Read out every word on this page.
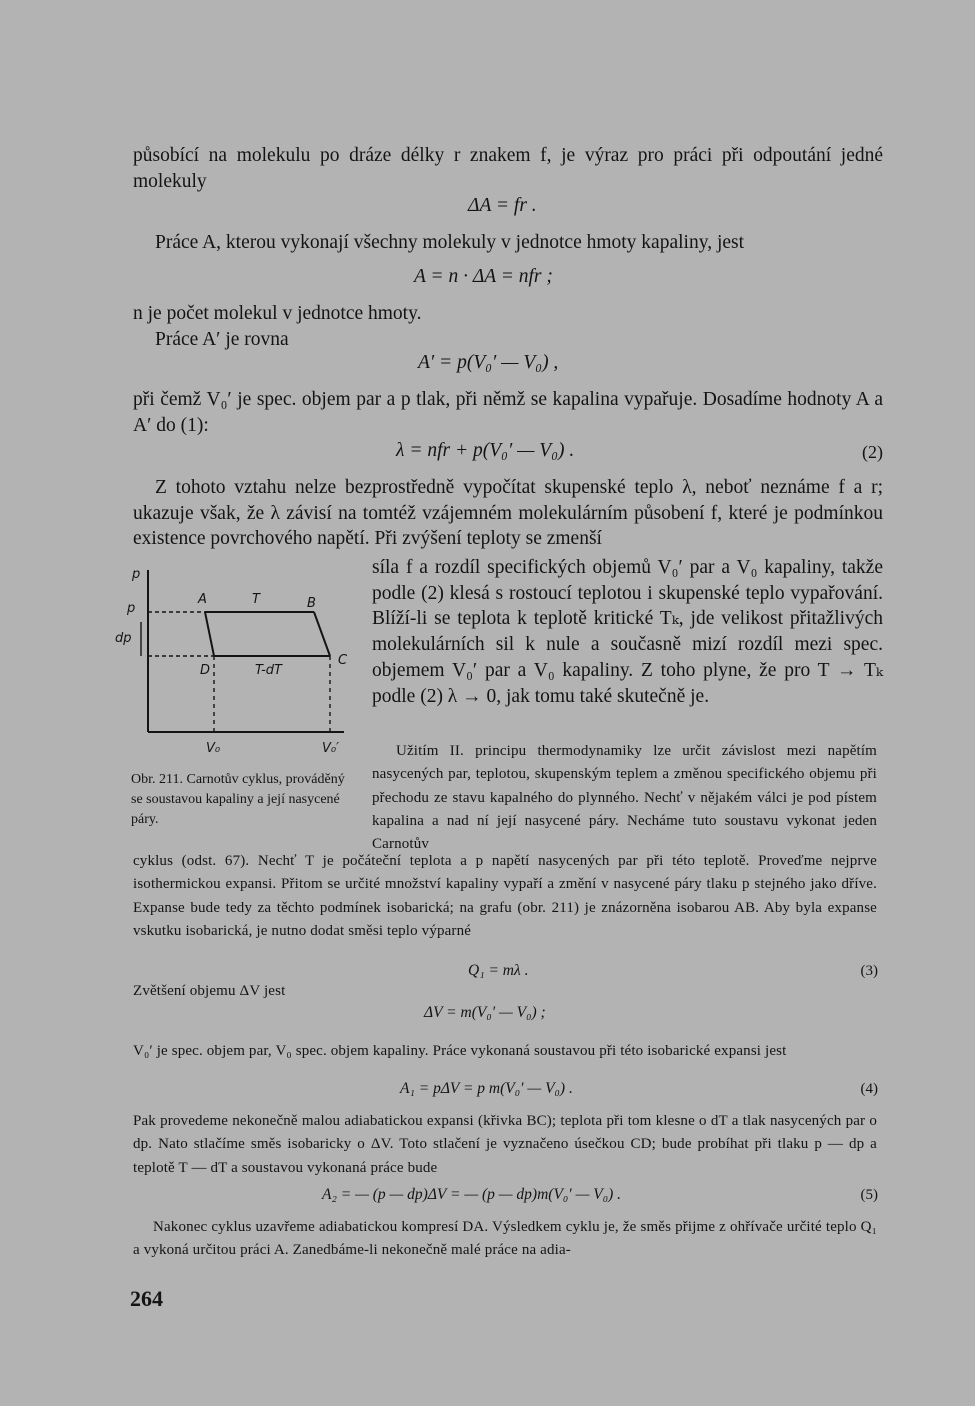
působící na molekulu po dráze délky r znakem f, je výraz pro práci při odpoutání jedné molekuly

ΔA = fr .

Práce A, kterou vykonají všechny molekuly v jednotce hmoty kapaliny, jest

A = n · ΔA = nfr ;

n je počet molekul v jednotce hmoty.

Práce A′ je rovna

A′ = p(V₀′ — V₀) ,

při čemž V₀′ je spec. objem par a p tlak, při němž se kapalina vypařuje. Dosadíme hodnoty A a A′ do (1):

λ = nfr + p(V₀′ — V₀) .	(2)

Z tohoto vztahu nelze bezprostředně vypočítat skupenské teplo λ, neboť neznáme f a r; ukazuje však, že λ závisí na tomtéž vzájemném molekulárním působení f, které je podmínkou existence povrchového napětí. Při zvýšení teploty se zmenší

síla f a rozdíl specifických objemů V₀′ par a V₀ kapaliny, takže podle (2) klesá s rostoucí teplotou i skupenské teplo vypařování. Blíží-li se teplota k teplotě kritické Tₖ, jde velikost přitažlivých molekulárních sil k nule a současně mizí rozdíl mezi spec. objemem V₀′ par a V₀ kapaliny. Z toho plyne, že pro T → Tₖ podle (2) λ → 0, jak tomu také skutečně je.

p
p
dp
A	T	B
C
D	T-dT
V₀	V₀′

Obr. 211. Carnotův cyklus, prováděný se soustavou kapaliny a její nasycené páry.

Užitím II. principu thermodynamiky lze určit závislost mezi napětím nasycených par, teplotou, skupenským teplem a změnou specifického objemu při přechodu ze stavu kapalného do plynného. Nechť v nějakém válci je pod pístem kapalina a nad ní její nasycené páry. Necháme tuto soustavu vykonat jeden Carnotův

cyklus (odst. 67). Nechť T je počáteční teplota a p napětí nasycených par při této teplotě. Proveďme nejprve isothermickou expansi. Přitom se určité množství kapaliny vypaří a změní v nasycené páry tlaku p stejného jako dříve. Expanse bude tedy za těchto podmínek isobarická; na grafu (obr. 211) je znázorněna isobarou AB. Aby byla expanse vskutku isobarická, je nutno dodat směsi teplo výparné

Q₁ = mλ .	(3)

Zvětšení objemu ΔV jest

ΔV = m(V₀′ — V₀) ;

V₀′ je spec. objem par, V₀ spec. objem kapaliny. Práce vykonaná soustavou při této isobarické expansi jest

A₁ = pΔV = p m(V₀′ — V₀) .	(4)

Pak provedeme nekonečně malou adiabatickou expansi (křivka BC); teplota při tom klesne o dT a tlak nasycených par o dp. Nato stlačíme směs isobaricky o ΔV. Toto stlačení je vyznačeno úsečkou CD; bude probíhat při tlaku p — dp a teplotě T — dT a soustavou vykonaná práce bude

A₂ = — (p — dp)ΔV = — (p — dp)m(V₀′ — V₀) .	(5)

Nakonec cyklus uzavřeme adiabatickou kompresí DA. Výsledkem cyklu je, že směs přijme z ohřívače určité teplo Q₁ a vykoná určitou práci A. Zanedbáme-li nekonečně malé práce na adia-

264
